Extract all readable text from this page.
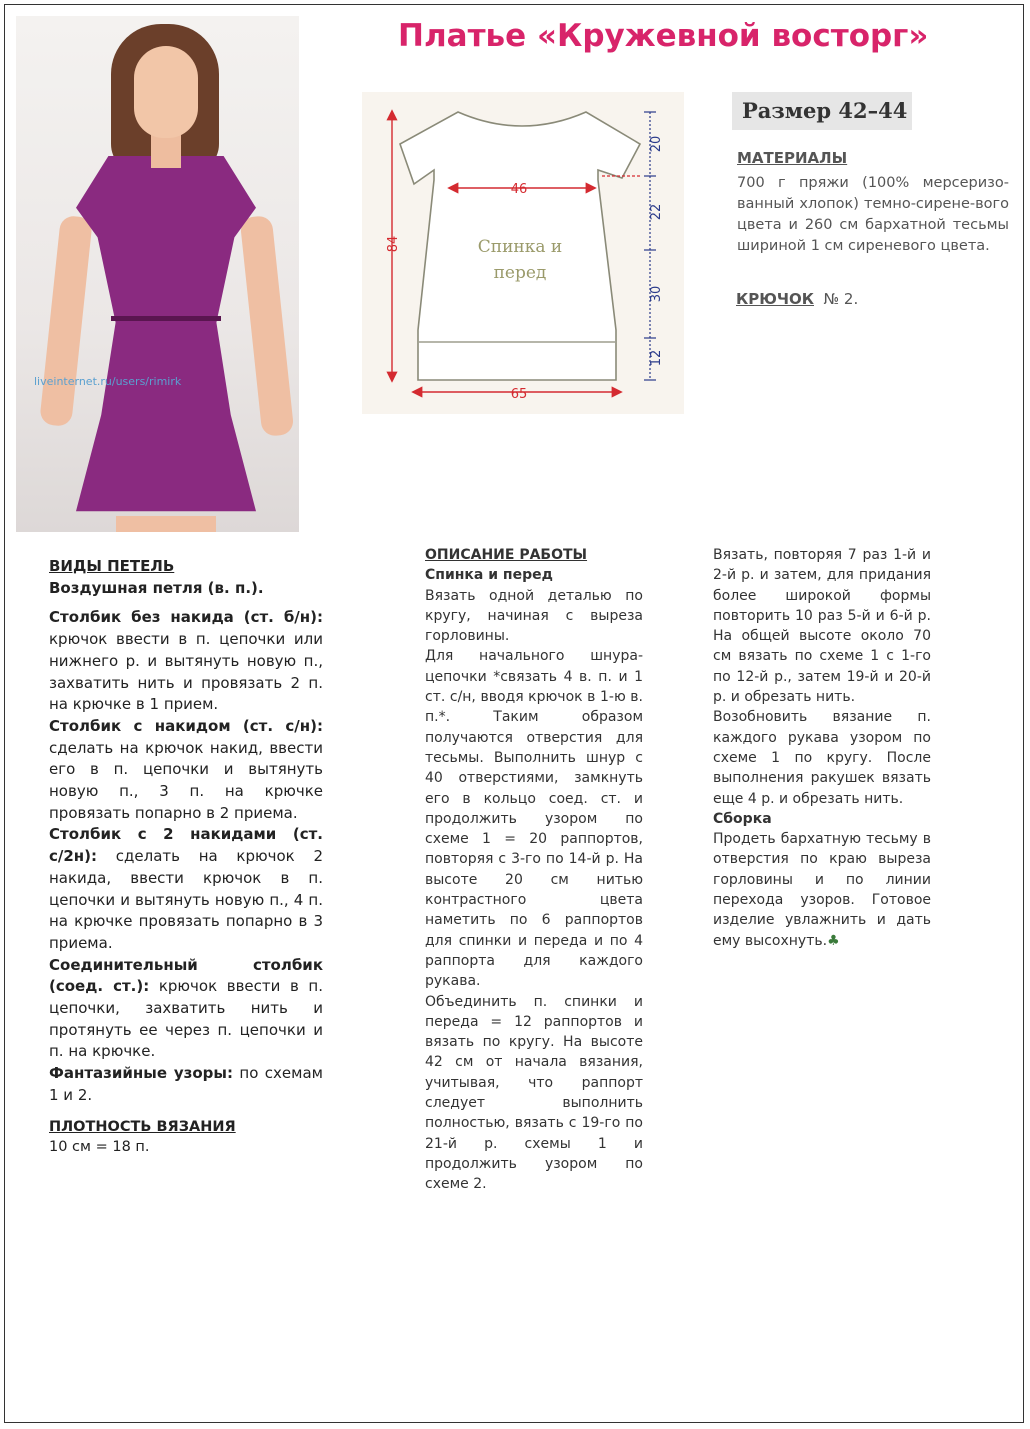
liveinternet.ru/users/rimirk
Платье «Кружевной восторг»
46
65
84
20
22
30
12
Спинка и
перед
Размер 42–44
МАТЕРИАЛЫ
700 г пряжи (100% мерсеризо-ванный хлопок) темно-сирене-вого цвета и 260 см бархатной тесьмы шириной 1 см сиреневого цвета.
КРЮЧОК № 2.

ВИДЫ ПЕТЕЛЬ

Воздушная петля (в. п.).

Столбик без накида (ст. б/н): крючок ввести в п. цепочки или нижнего р. и вытянуть новую п., захватить нить и провязать 2 п. на крючке в 1 прием.

Столбик с накидом (ст. с/н): сделать на крючок накид, ввести его в п. цепочки и вытянуть новую п., 3 п. на крючке провязать попарно в 2 приема.

Столбик с 2 накидами (ст. с/2н): сделать на крючок 2 накида, ввести крючок в п. цепочки и вытянуть новую п., 4 п. на крючке провязать попарно в 3 приема.

Соединительный столбик (соед. ст.): крючок ввести в п. цепочки, захватить нить и протянуть ее через п. цепочки и п. на крючке.

Фантазийные узоры: по схемам 1 и 2.

ПЛОТНОСТЬ ВЯЗАНИЯ

10 см = 18 п.

ОПИСАНИЕ РАБОТЫ

Спинка и перед

Вязать одной деталью по кругу, начиная с выреза горловины.

Для начального шнура-цепочки *связать 4 в. п. и 1 ст. с/н, вводя крючок в 1-ю в. п.*. Таким образом получаются отверстия для тесьмы. Выполнить шнур с 40 отверстиями, замкнуть его в кольцо соед. ст. и продолжить узором по схеме 1 = 20 раппортов, повторяя с 3-го по 14-й р. На высоте 20 см нитью контрастного цвета наметить по 6 раппортов для спинки и переда и по 4 раппорта для каждого рукава.

Объединить п. спинки и переда = 12 раппортов и вязать по кругу. На высоте 42 см от начала вязания, учитывая, что раппорт следует выполнить полностью, вязать с 19-го по 21-й р. схемы 1 и продолжить узором по схеме 2.

Вязать, повторяя 7 раз 1-й и 2-й р. и затем, для придания более широкой формы повторить 10 раз 5-й и 6-й р. На общей высоте около 70 см вязать по схеме 1 с 1-го по 12-й р., затем 19-й и 20-й р. и обрезать нить.

Возобновить вязание п. каждого рукава узором по схеме 1 по кругу. После выполнения ракушек вязать еще 4 р. и обрезать нить.

Сборка

Продеть бархатную тесьму в отверстия по краю выреза горловины и по линии перехода узоров. Готовое изделие увлажнить и дать ему высохнуть.♣
